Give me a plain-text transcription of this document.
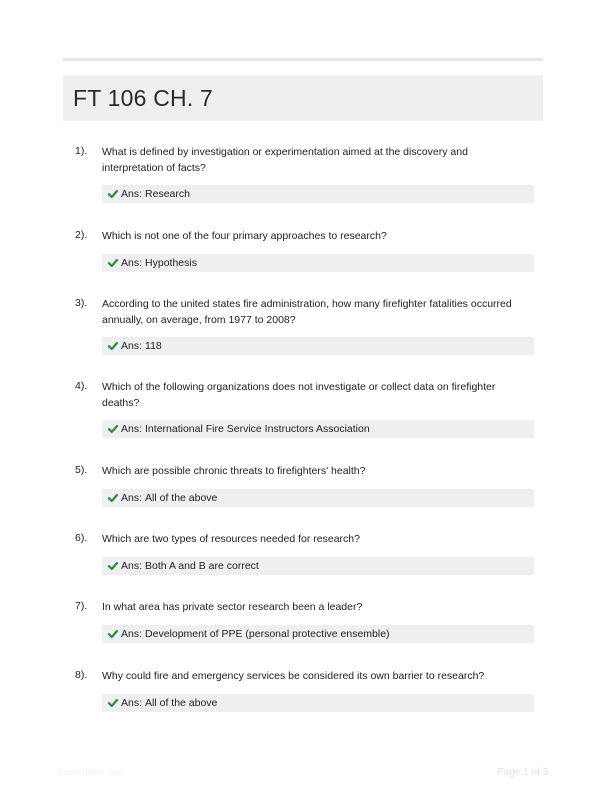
FT 106 CH. 7
1).	What is defined by investigation or experimentation aimed at the discovery and interpretation of facts?
Ans: Research
2).	Which is not one of the four primary approaches to research?
Ans: Hypothesis
3).	According to the united states fire administration, how many firefighter fatalities occurred annually, on average, from 1977 to 2008?
Ans: 118
4).	Which of the following organizations does not investigate or collect data on firefighter deaths?
Ans: International Fire Service Instructors Association
5).	Which are possible chronic threats to firefighters' health?
Ans: All of the above
6).	Which are two types of resources needed for research?
Ans: Both A and B are correct
7).	In what area has private sector research been a leader?
Ans: Development of PPE (personal protective ensemble)
8).	Why could fire and emergency services be considered its own barrier to research?
Ans: All of the above
Papersbase.com	Page 1 of 3
